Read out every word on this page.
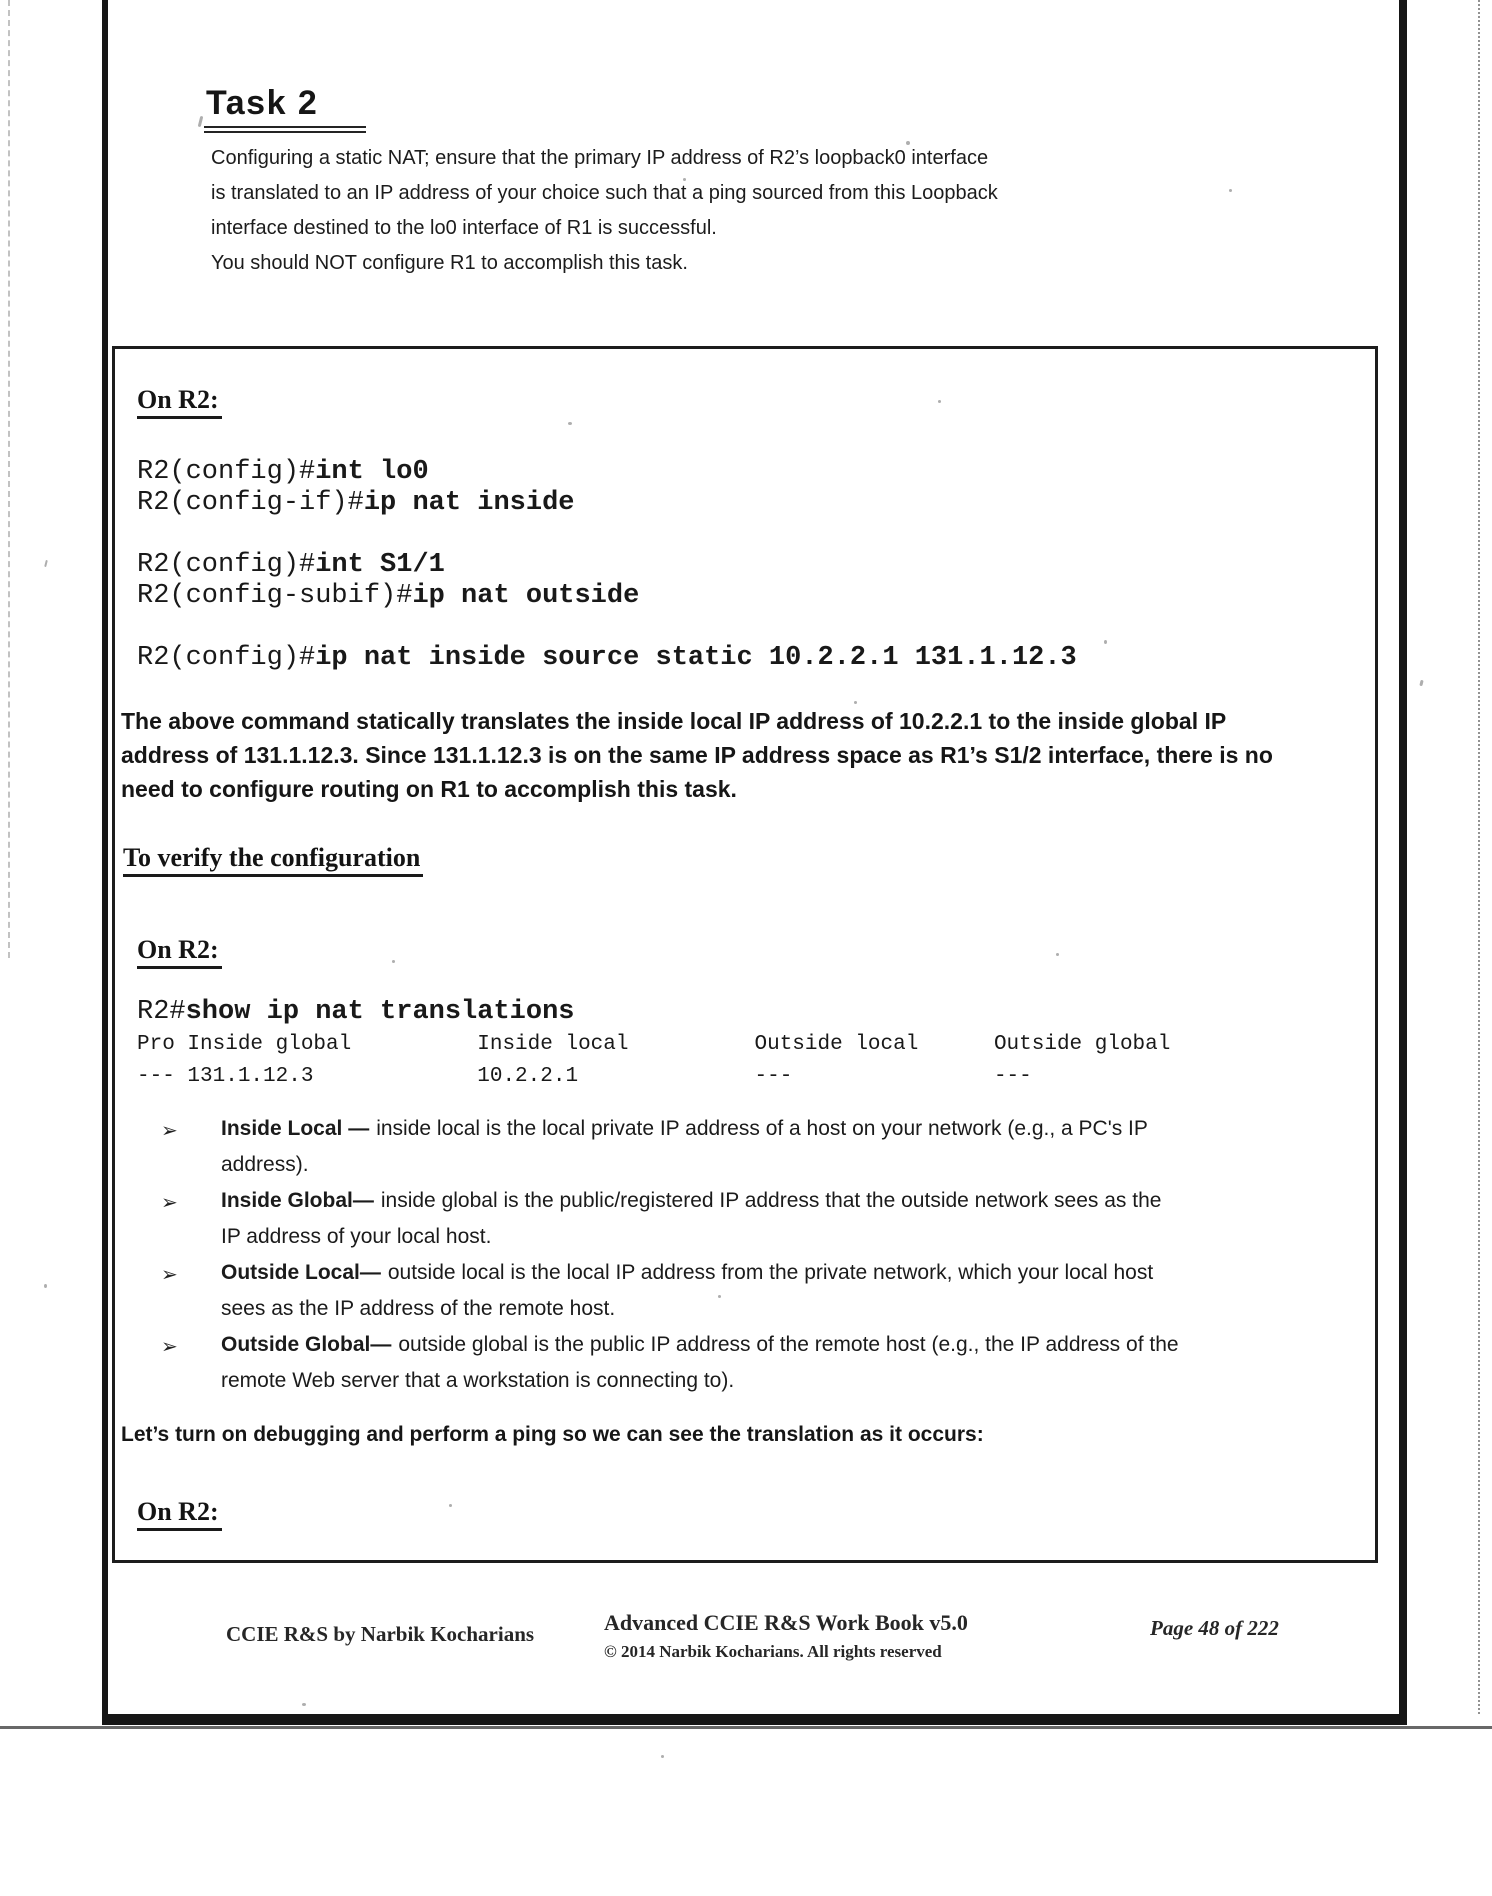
Task 2
Configuring a static NAT; ensure that the primary IP address of R2’s loopback0 interface
is translated to an IP address of your choice such that a ping sourced from this Loopback
interface destined to the lo0 interface of R1 is successful.
You should NOT configure R1 to accomplish this task.
On R2:
R2(config)#int lo0
R2(config-if)#ip nat inside
R2(config)#int S1/1
R2(config-subif)#ip nat outside
R2(config)#ip nat inside source static 10.2.2.1 131.1.12.3
The above command statically translates the inside local IP address of 10.2.2.1 to the inside global IP
address of 131.1.12.3. Since 131.1.12.3 is on the same IP address space as R1’s S1/2 interface, there is no
need to configure routing on R1 to accomplish this task.
To verify the configuration
On R2:
R2#show ip nat translations
Pro Inside global          Inside local          Outside local      Outside global
--- 131.1.12.3             10.2.2.1              ---                ---
➢ Inside Local — inside local is the local private IP address of a host on your network (e.g., a PC's IP
address).
➢ Inside Global— inside global is the public/registered IP address that the outside network sees as the
IP address of your local host.
➢ Outside Local— outside local is the local IP address from the private network, which your local host
sees as the IP address of the remote host.
➢ Outside Global— outside global is the public IP address of the remote host (e.g., the IP address of the
remote Web server that a workstation is connecting to).
Let’s turn on debugging and perform a ping so we can see the translation as it occurs:
On R2:
CCIE R&S by Narbik Kocharians	Advanced CCIE R&S Work Book v5.0
© 2014 Narbik Kocharians. All rights reserved
Page 48 of 222
